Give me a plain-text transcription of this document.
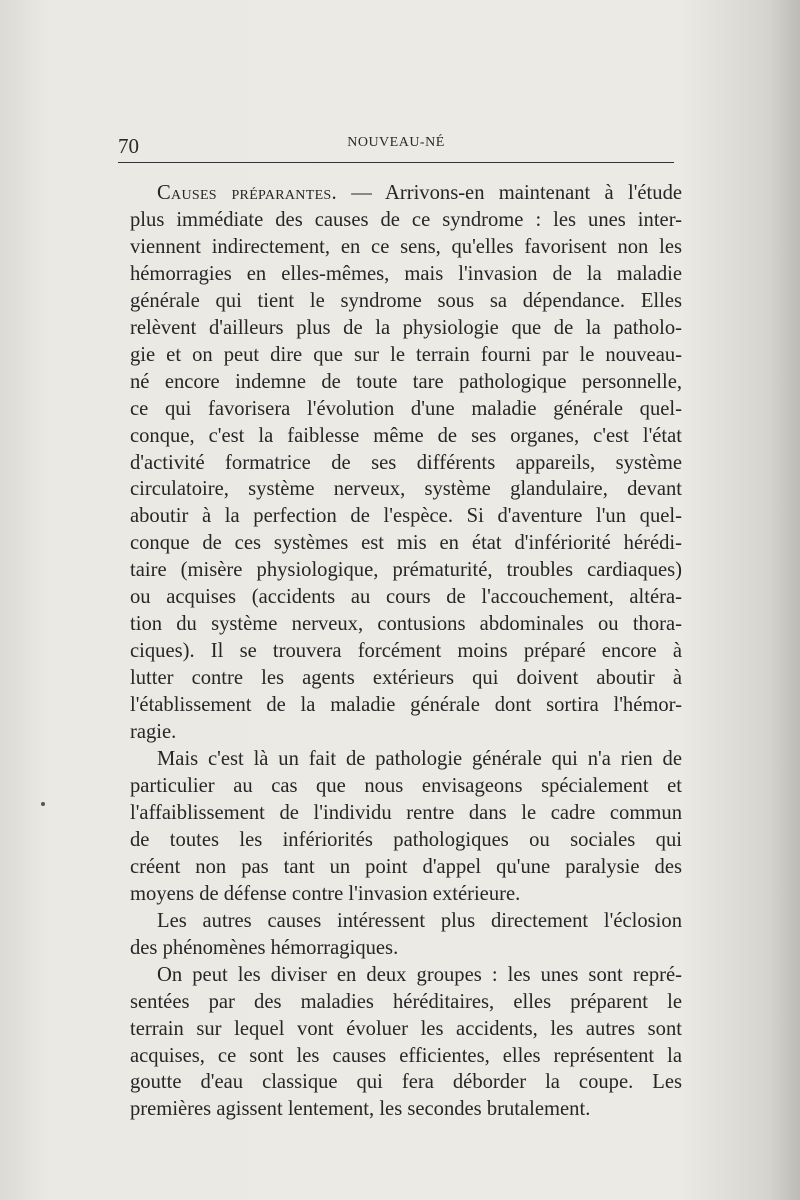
70	NOUVEAU-NÉ
Causes préparantes. — Arrivons-en maintenant à l'étude
plus immédiate des causes de ce syndrome : les unes inter-
viennent indirectement, en ce sens, qu'elles favorisent non les
hémorragies en elles-mêmes, mais l'invasion de la maladie
générale qui tient le syndrome sous sa dépendance. Elles
relèvent d'ailleurs plus de la physiologie que de la patholo-
gie et on peut dire que sur le terrain fourni par le nouveau-
né encore indemne de toute tare pathologique personnelle,
ce qui favorisera l'évolution d'une maladie générale quel-
conque, c'est la faiblesse même de ses organes, c'est l'état
d'activité formatrice de ses différents appareils, système
circulatoire, système nerveux, système glandulaire, devant
aboutir à la perfection de l'espèce. Si d'aventure l'un quel-
conque de ces systèmes est mis en état d'infériorité hérédi-
taire (misère physiologique, prématurité, troubles cardiaques)
ou acquises (accidents au cours de l'accouchement, altéra-
tion du système nerveux, contusions abdominales ou thora-
ciques). Il se trouvera forcément moins préparé encore à
lutter contre les agents extérieurs qui doivent aboutir à
l'établissement de la maladie générale dont sortira l'hémor-
ragie.
Mais c'est là un fait de pathologie générale qui n'a rien de
particulier au cas que nous envisageons spécialement et
l'affaiblissement de l'individu rentre dans le cadre commun
de toutes les infériorités pathologiques ou sociales qui
créent non pas tant un point d'appel qu'une paralysie des
moyens de défense contre l'invasion extérieure.
Les autres causes intéressent plus directement l'éclosion
des phénomènes hémorragiques.
On peut les diviser en deux groupes : les unes sont repré-
sentées par des maladies héréditaires, elles préparent le
terrain sur lequel vont évoluer les accidents, les autres sont
acquises, ce sont les causes efficientes, elles représentent la
goutte d'eau classique qui fera déborder la coupe. Les
premières agissent lentement, les secondes brutalement.
